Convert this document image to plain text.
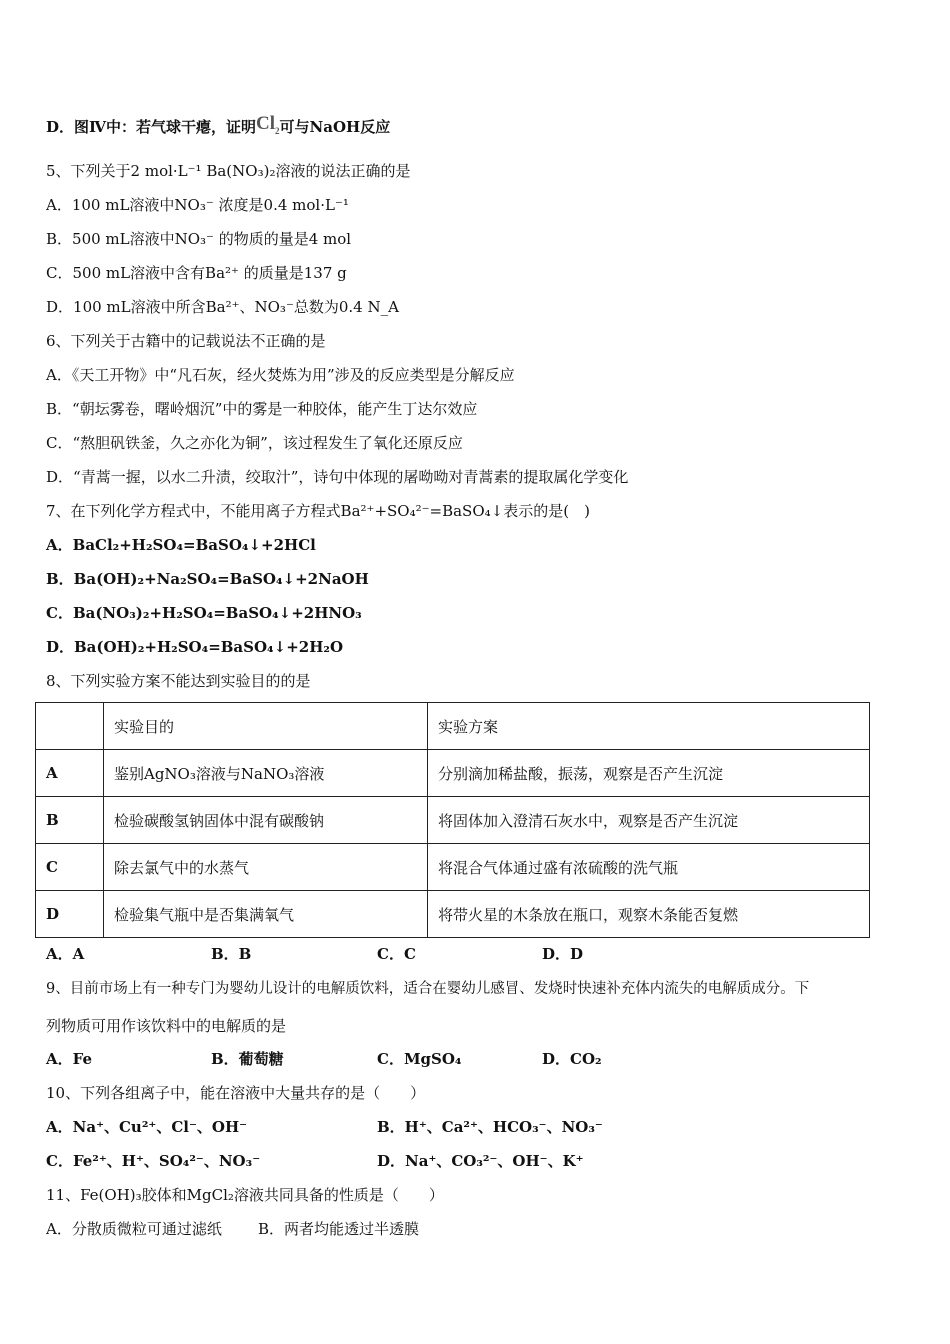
D．图Ⅳ中：若气球干瘪，证明$Cl_2$可与NaOH反应
5、下列关于2 mol·L⁻¹ Ba(NO₃)₂溶液的说法正确的是
A．100 mL溶液中NO₃⁻ 浓度是0.4 mol·L⁻¹
B．500 mL溶液中NO₃⁻ 的物质的量是4 mol
C．500 mL溶液中含有Ba²⁺ 的质量是137 g
D．100 mL溶液中所含Ba²⁺、NO₃⁻总数为0.4 N_A
6、下列关于古籍中的记载说法不正确的是
A．《天工开物》中“凡石灰，经火焚炼为用”涉及的反应类型是分解反应
B．“朝坛雾卷，曙岭烟沉”中的雾是一种胶体，能产生丁达尔效应
C．“熬胆矾铁釜，久之亦化为铜”，该过程发生了氧化还原反应
D．“青蒿一握，以水二升渍，绞取汁”，诗句中体现的屠呦呦对青蒿素的提取属化学变化
7、在下列化学方程式中，不能用离子方程式Ba²⁺+SO₄²⁻=BaSO₄↓表示的是(　)
A．BaCl₂+H₂SO₄=BaSO₄↓+2HCl
B．Ba(OH)₂+Na₂SO₄=BaSO₄↓+2NaOH
C．Ba(NO₃)₂+H₂SO₄=BaSO₄↓+2HNO₃
D．Ba(OH)₂+H₂SO₄=BaSO₄↓+2H₂O
8、下列实验方案不能达到实验目的的是
	实验目的	实验方案
A	鉴别AgNO₃溶液与NaNO₃溶液	分别滴加稀盐酸，振荡，观察是否产生沉淀
B	检验碳酸氢钠固体中混有碳酸钠	将固体加入澄清石灰水中，观察是否产生沉淀
C	除去氯气中的水蒸气	将混合气体通过盛有浓硫酸的洗气瓶
D	检验集气瓶中是否集满氧气	将带火星的木条放在瓶口，观察木条能否复燃
A．A	B．B	C．C	D．D
9、目前市场上有一种专门为婴幼儿设计的电解质饮料，适合在婴幼儿感冒、发烧时快速补充体内流失的电解质成分。下
列物质可用作该饮料中的电解质的是
A．Fe	B．葡萄糖	C．MgSO₄	D．CO₂
10、下列各组离子中，能在溶液中大量共存的是（　　）
A．Na⁺、Cu²⁺、Cl⁻、OH⁻	B．H⁺、Ca²⁺、HCO₃⁻、NO₃⁻
C．Fe²⁺、H⁺、SO₄²⁻、NO₃⁻	D．Na⁺、CO₃²⁻、OH⁻、K⁺
11、Fe(OH)₃胶体和MgCl₂溶液共同具备的性质是（　　）
A．分散质微粒可通过滤纸 B．两者均能透过半透膜
